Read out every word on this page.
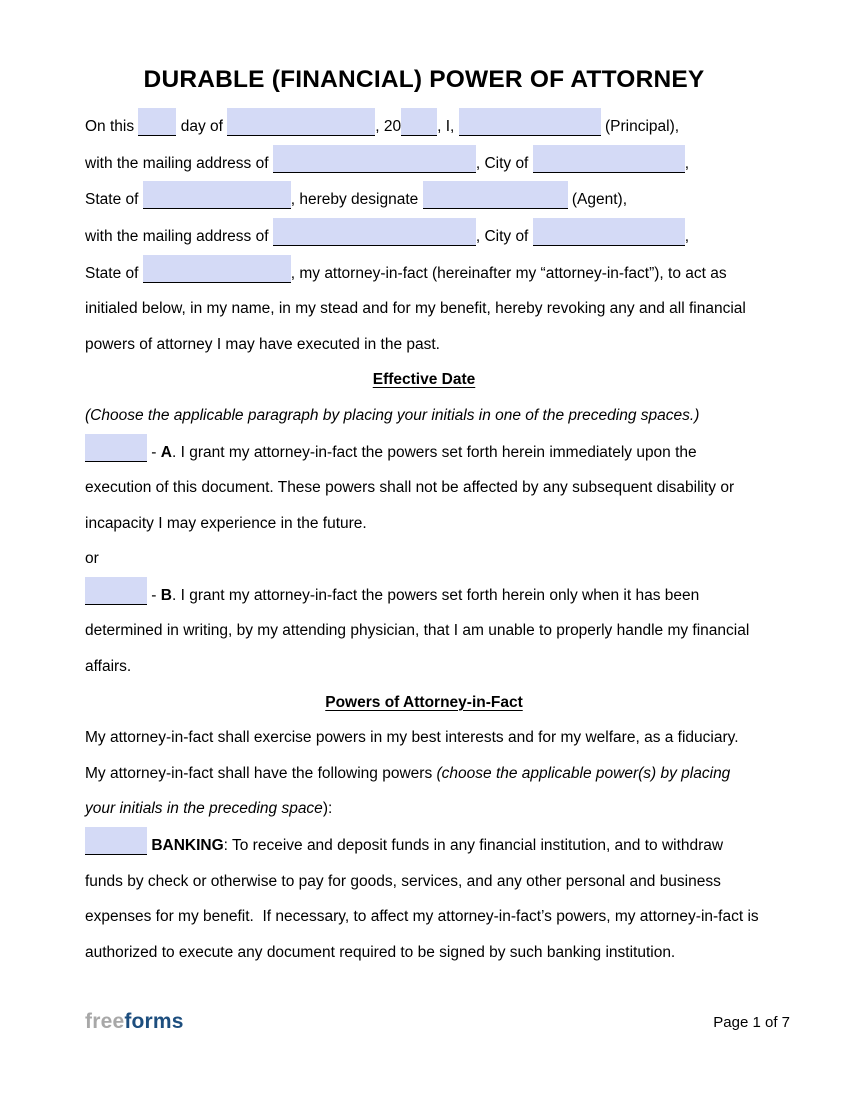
DURABLE (FINANCIAL) POWER OF ATTORNEY
On this  day of	, 20 , I,	(Principal),
with the mailing address of	, City of	,
State of	, hereby designate	(Agent),
with the mailing address of	, City of	,
State of	, my attorney-in-fact (hereinafter my “attorney-in-fact”), to act as
initialed below, in my name, in my stead and for my benefit, hereby revoking any and all financial
powers of attorney I may have executed in the past.
Effective Date
(Choose the applicable paragraph by placing your initials in one of the preceding spaces.)
- A. I grant my attorney-in-fact the powers set forth herein immediately upon the
execution of this document. These powers shall not be affected by any subsequent disability or
incapacity I may experience in the future.
or
- B. I grant my attorney-in-fact the powers set forth herein only when it has been
determined in writing, by my attending physician, that I am unable to properly handle my financial
affairs.
Powers of Attorney-in-Fact
My attorney-in-fact shall exercise powers in my best interests and for my welfare, as a fiduciary.
My attorney-in-fact shall have the following powers (choose the applicable power(s) by placing
your initials in the preceding space):
BANKING: To receive and deposit funds in any financial institution, and to withdraw
funds by check or otherwise to pay for goods, services, and any other personal and business
expenses for my benefit.  If necessary, to affect my attorney-in-fact’s powers, my attorney-in-fact is
authorized to execute any document required to be signed by such banking institution.
freeforms	Page 1 of 7
